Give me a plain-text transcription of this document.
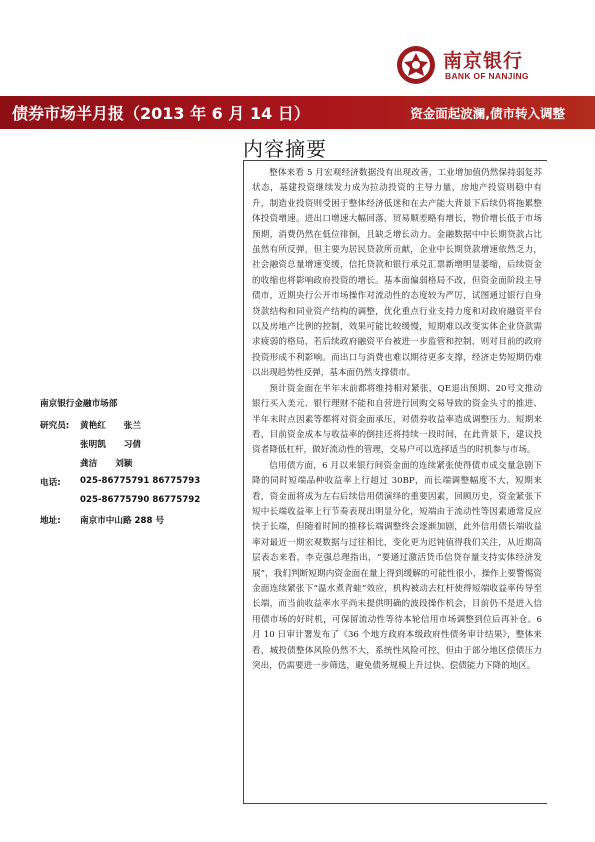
南京银行
BANK OF NANJING
债券市场半月报（2013 年 6 月 14 日）	资金面起波澜,债市转入调整
内容摘要

整体来看 5 月宏观经济数据没有出现改善，工业增加值仍然保持弱复苏状态，基建投资继续发力成为拉动投资的主导力量，房地产投资则稳中有升，制造业投资则受困于整体经济低迷和在去产能大背景下后续仍将拖累整体投资增速。进出口增速大幅回落，贸易顺差略有增长，物价增长低于市场预期，消费仍然在低位徘徊，且缺乏增长动力。金融数据中中长期贷款占比虽然有所反弹，但主要为居民贷款所贡献，企业中长期贷款增速依然乏力，社会融资总量增速变缓，信托贷款和银行承兑汇票新增明显萎缩，后续资金的收缩也将影响政府投资的增长。基本面偏弱格局不改，但资金面阶段主导债市，近期央行公开市场操作对流动性的态度较为严厉，试图通过银行自身贷款结构和同业资产结构的调整，优化重点行业支持力度和对政府融资平台以及房地产比例的控制，效果可能比较缓慢，短期难以改变实体企业贷款需求疲弱的格局，若后续政府融资平台被进一步监管和控制，则对目前的政府投资形成不利影响。而出口与消费也难以期待更多支撑，经济走势短期仍难以出现趋势性反弹，基本面仍然支撑债市。

预计资金面在半年末前都将维持相对紧张，QE退出预期、20号文推动银行买入美元、银行理财不能和自营进行回购交易导致的资金头寸的推进、半年末时点因素等都将对资金面承压，对债券收益率造成调整压力。短期来看，目前资金成本与收益率的倒挂还将持续一段时间，在此背景下，建议投资者降低杠杆，做好流动性的管理，交易户可以选择适当的时机参与市场。

信用债方面，6 月以来银行间资金面的连续紧张使得债市成交量急剧下降的同时短端品种收益率上行超过 30BP，而长端调整幅度不大，短期来看，资金面将成为左右后续信用债演绎的重要因素，回顾历史，资金紧张下短中长端收益率上行节奏表现出明显分化，短端由于流动性等因素通常反应快于长端，但随着时间的推移长端调整终会逐渐加剧，此外信用债长端收益率对最近一期宏观数据与过往相比，变化更为迟钝值得我们关注，从近期高层表态来看，李克强总理指出，“要通过激活货币信贷存量支持实体经济发展”，我们判断短期内资金面在量上得到缓解的可能性很小，操作上要警惕资金面连续紧张下“温水煮青蛙”效应，机构被动去杠杆使得短端收益率传导至长端，而当前收益率水平尚未提供明确的波段操作机会，目前仍不是进入信用债市场的好时机，可保留流动性等待本轮信用市场调整到位后再补仓。6 月 10 日审计署发布了《36 个地方政府本级政府性债务审计结果》，整体来看，城投债整体风险仍然不大，系统性风险可控，但由于部分地区偿债压力突出，仍需要进一步筛选，避免债务规模上升过快、偿债能力下降的地区。

南京银行金融市场部
研究员: 黄艳红 张兰
张明凯 习倩
龚洁 刘颖
电话: 025-86775791 86775793
025-86775790 86775792
地址: 南京市中山路 288 号
